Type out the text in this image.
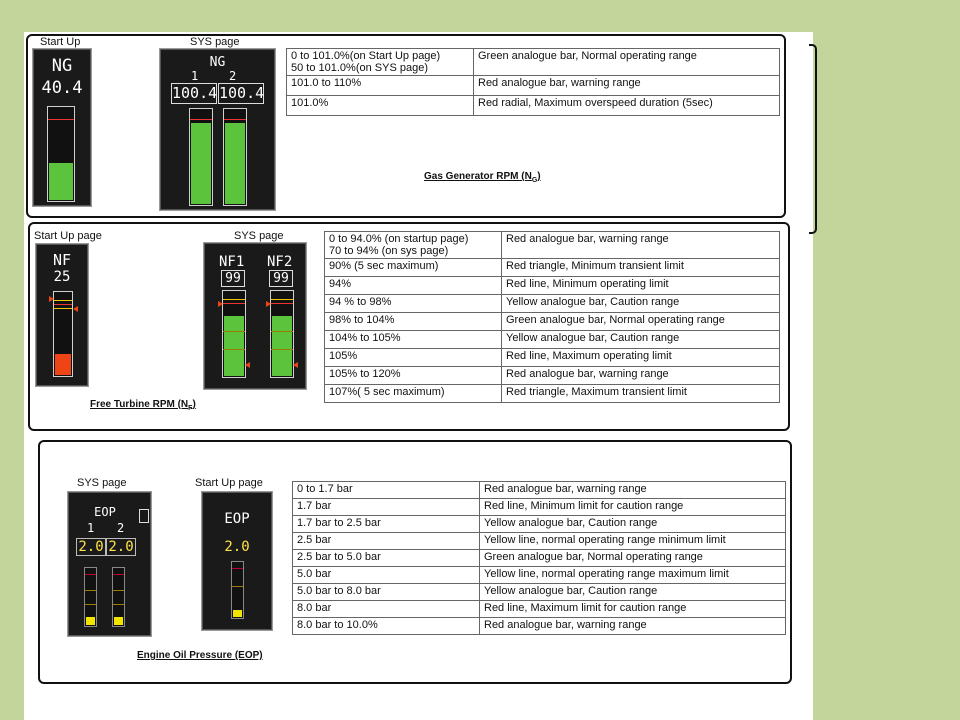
Start Up
NG
40.4
SYS page
NG
1	2
100.4 100.4
0 to 101.0%(on Start Up page)
50 to 101.0%(on SYS page)	Green analogue bar, Normal operating range
101.0 to 110%	Red analogue bar, warning range
101.0%	Red radial, Maximum overspeed duration (5sec)
Gas Generator RPM $(N_G)$
Start Up page
NF
25
SYS page
NF1 NF2
99	99
0 to 94.0% (on startup page)
70 to 94% (on sys page)	Red analogue bar, warning range
90% (5 sec maximum)	Red triangle, Minimum transient limit
94%	Red line, Minimum operating limit
94 % to 98%	Yellow analogue bar, Caution range
98% to 104%	Green analogue bar, Normal operating range
104% to 105%	Yellow analogue bar, Caution range
105%	Red line, Maximum operating limit
105% to 120%	Red analogue bar, warning range
107%( 5 sec maximum)	Red triangle, Maximum transient limit
Free Turbine RPM $(N_F)$
SYS page
EOP
1 2
2.0 2.0
Start Up page
EOP
2.0
0 to 1.7 bar	Red analogue bar, warning range
1.7 bar	Red line, Minimum limit for caution range
1.7 bar to 2.5 bar	Yellow analogue bar, Caution range
2.5 bar	Yellow line, normal operating range minimum limit
2.5 bar to 5.0 bar	Green analogue bar, Normal operating range
5.0 bar	Yellow line, normal operating range maximum limit
5.0 bar to 8.0 bar	Yellow analogue bar, Caution range
8.0 bar	Red line, Maximum limit for caution range
8.0 bar to 10.0%	Red analogue bar, warning range
Engine Oil Pressure (EOP)
